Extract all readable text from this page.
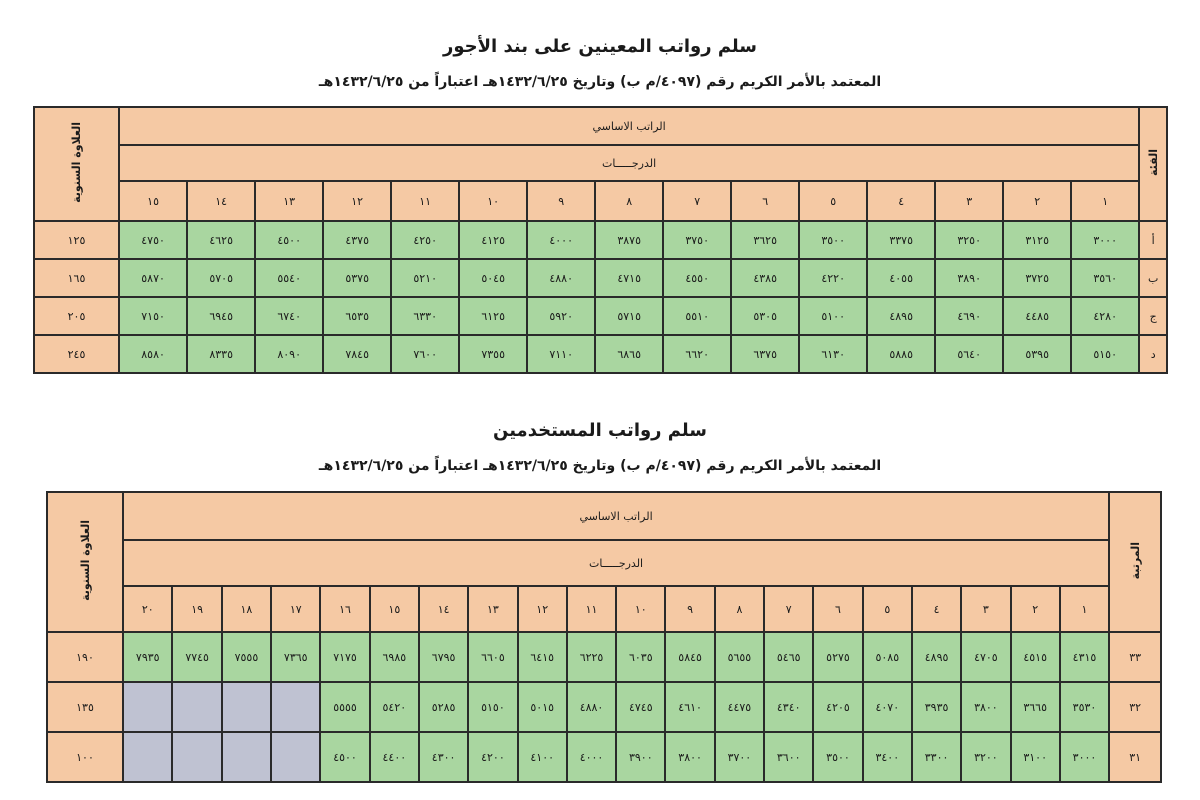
سلم رواتب المعينين على بند الأجور
المعتمد بالأمر الكريم رقم (٤٠٩٧/م ب) وتاريخ ١٤٣٢/٦/٢٥هـ اعتباراً من ١٤٣٢/٦/٢٥هـ
الفئة	الراتب الاساسي															العلاوة السنوية
	الدرجـــــات															
	١	٢	٣	٤	٥	٦	٧	٨	٩	١٠	١١	١٢	١٣	١٤	١٥	
أ	٣٠٠٠	٣١٢٥	٣٢٥٠	٣٣٧٥	٣٥٠٠	٣٦٢٥	٣٧٥٠	٣٨٧٥	٤٠٠٠	٤١٢٥	٤٢٥٠	٤٣٧٥	٤٥٠٠	٤٦٢٥	٤٧٥٠	١٢٥
ب	٣٥٦٠	٣٧٢٥	٣٨٩٠	٤٠٥٥	٤٢٢٠	٤٣٨٥	٤٥٥٠	٤٧١٥	٤٨٨٠	٥٠٤٥	٥٢١٠	٥٣٧٥	٥٥٤٠	٥٧٠٥	٥٨٧٠	١٦٥
ج	٤٢٨٠	٤٤٨٥	٤٦٩٠	٤٨٩٥	٥١٠٠	٥٣٠٥	٥٥١٠	٥٧١٥	٥٩٢٠	٦١٢٥	٦٣٣٠	٦٥٣٥	٦٧٤٠	٦٩٤٥	٧١٥٠	٢٠٥
د	٥١٥٠	٥٣٩٥	٥٦٤٠	٥٨٨٥	٦١٣٠	٦٣٧٥	٦٦٢٠	٦٨٦٥	٧١١٠	٧٣٥٥	٧٦٠٠	٧٨٤٥	٨٠٩٠	٨٣٣٥	٨٥٨٠	٢٤٥
سلم رواتب المستخدمين
المعتمد بالأمر الكريم رقم (٤٠٩٧/م ب) وتاريخ ١٤٣٢/٦/٢٥هـ اعتباراً من ١٤٣٢/٦/٢٥هـ
المرتبة	الراتب الاساسي																				العلاوة السنوية
	الدرجـــــات																				
	١	٢	٣	٤	٥	٦	٧	٨	٩	١٠	١١	١٢	١٣	١٤	١٥	١٦	١٧	١٨	١٩	٢٠	
٣٣	٤٣١٥	٤٥١٥	٤٧٠٥	٤٨٩٥	٥٠٨٥	٥٢٧٥	٥٤٦٥	٥٦٥٥	٥٨٤٥	٦٠٣٥	٦٢٢٥	٦٤١٥	٦٦٠٥	٦٧٩٥	٦٩٨٥	٧١٧٥	٧٣٦٥	٧٥٥٥	٧٧٤٥	٧٩٣٥	١٩٠
٣٢	٣٥٣٠	٣٦٦٥	٣٨٠٠	٣٩٣٥	٤٠٧٠	٤٢٠٥	٤٣٤٠	٤٤٧٥	٤٦١٠	٤٧٤٥	٤٨٨٠	٥٠١٥	٥١٥٠	٥٢٨٥	٥٤٢٠	٥٥٥٥					١٣٥
٣١	٣٠٠٠	٣١٠٠	٣٢٠٠	٣٣٠٠	٣٤٠٠	٣٥٠٠	٣٦٠٠	٣٧٠٠	٣٨٠٠	٣٩٠٠	٤٠٠٠	٤١٠٠	٤٢٠٠	٤٣٠٠	٤٤٠٠	٤٥٠٠					١٠٠
